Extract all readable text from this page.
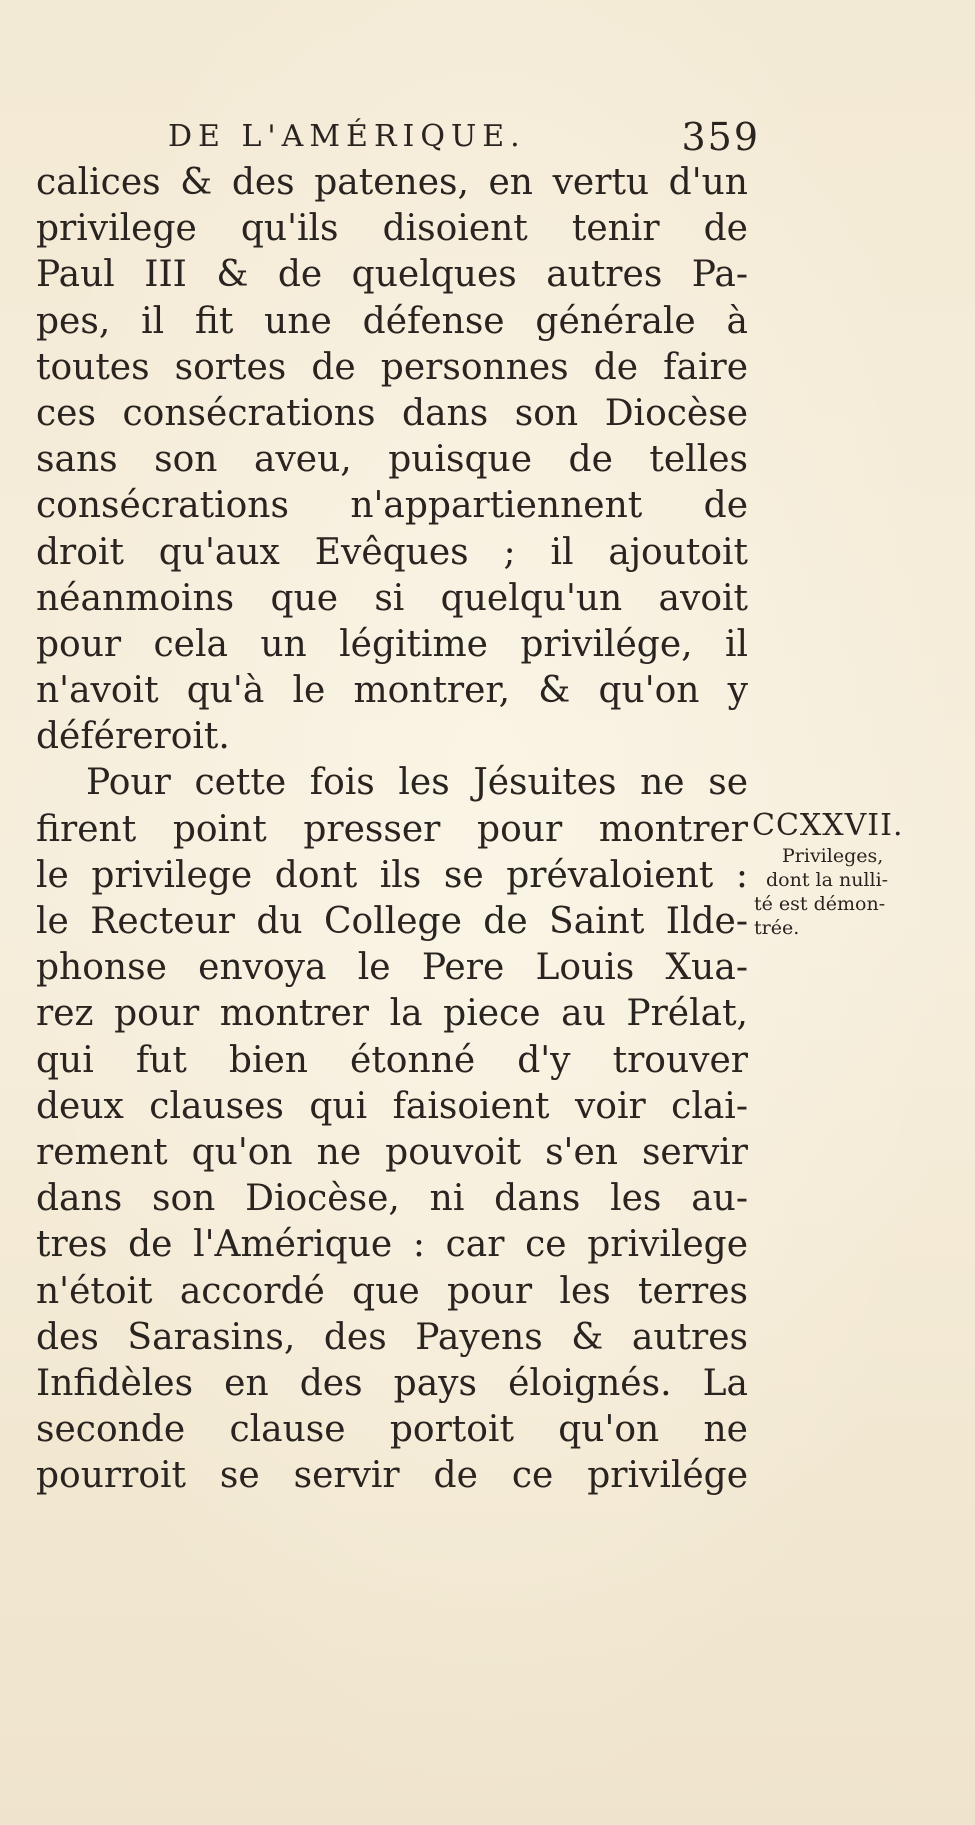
DE L'AMÉRIQUE.	359
calices & des patenes, en vertu d'un
privilege qu'ils disoient tenir de
Paul III & de quelques autres Pa-
pes, il fit une défense générale à
toutes sortes de personnes de faire
ces consécrations dans son Diocèse
sans son aveu, puisque de telles
consécrations n'appartiennent de
droit qu'aux Evêques ; il ajoutoit
néanmoins que si quelqu'un avoit
pour cela un légitime privilége, il
n'avoit qu'à le montrer, & qu'on y
déféreroit.
Pour cette fois les Jésuites ne se
firent point presser pour montrer
le privilege dont ils se prévaloient :
le Recteur du College de Saint Ilde-
phonse envoya le Pere Louis Xua-
rez pour montrer la piece au Prélat,
qui fut bien étonné d'y trouver
deux clauses qui faisoient voir clai-
rement qu'on ne pouvoit s'en servir
dans son Diocèse, ni dans les au-
tres de l'Amérique : car ce privilege
n'étoit accordé que pour les terres
des Sarasins, des Payens & autres
Infidèles en des pays éloignés. La
seconde clause portoit qu'on ne
pourroit se servir de ce privilége
CCXXVII.
Privileges,
dont la nulli-
té est démon-
trée.
